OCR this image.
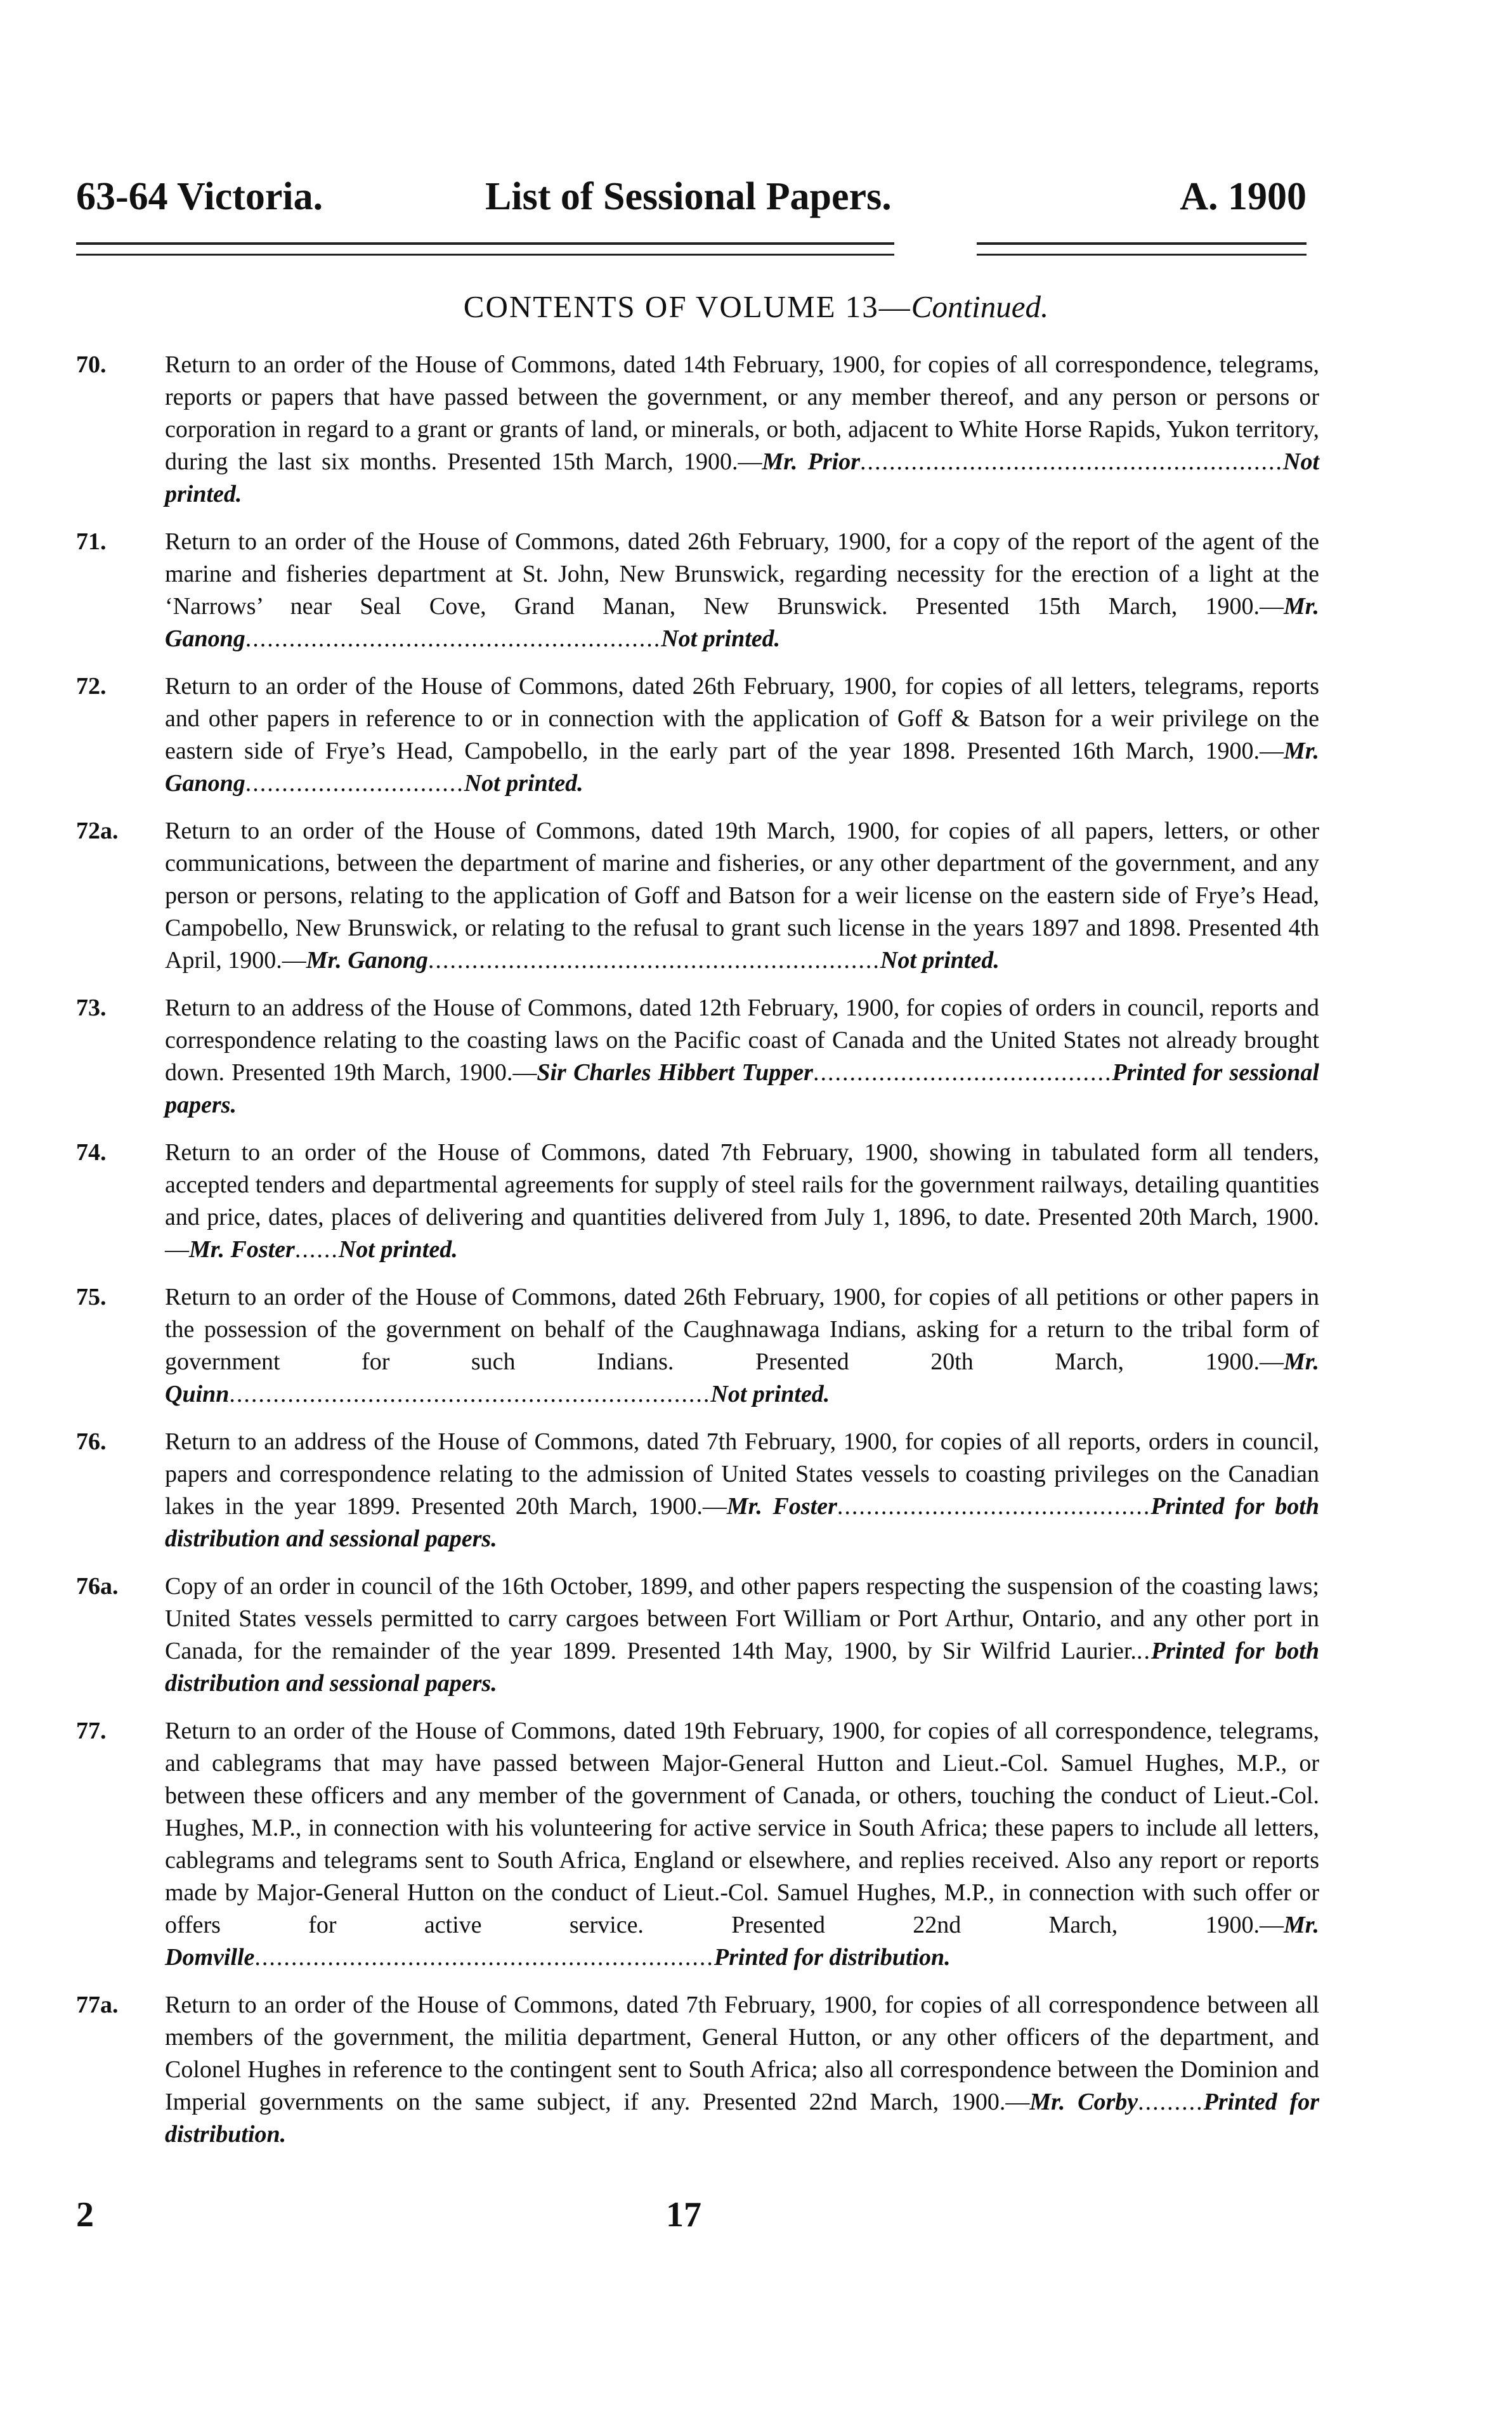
63-64 Victoria.	List of Sessional Papers.	A. 1900
CONTENTS OF VOLUME 13—Continued.
70.	Return to an order of the House of Commons, dated 14th February, 1900, for copies of all correspondence, telegrams, reports or papers that have passed between the government, or any member thereof, and any person or persons or corporation in regard to a grant or grants of land, or minerals, or both, adjacent to White Horse Rapids, Yukon territory, during the last six months. Presented 15th March, 1900.—Mr. Prior..........................................................Not printed.
71.	Return to an order of the House of Commons, dated 26th February, 1900, for a copy of the report of the agent of the marine and fisheries department at St. John, New Brunswick, regarding necessity for the erection of a light at the ‘Narrows’ near Seal Cove, Grand Manan, New Brunswick. Presented 15th March, 1900.—Mr. Ganong.........................................................Not printed.
72.	Return to an order of the House of Commons, dated 26th February, 1900, for copies of all letters, telegrams, reports and other papers in reference to or in connection with the application of Goff & Batson for a weir privilege on the eastern side of Frye’s Head, Campobello, in the early part of the year 1898. Presented 16th March, 1900.—Mr. Ganong..............................Not printed.
72a.	Return to an order of the House of Commons, dated 19th March, 1900, for copies of all papers, letters, or other communications, between the department of marine and fisheries, or any other department of the government, and any person or persons, relating to the application of Goff and Batson for a weir license on the eastern side of Frye’s Head, Campobello, New Brunswick, or relating to the refusal to grant such license in the years 1897 and 1898. Presented 4th April, 1900.—Mr. Ganong..............................................................Not printed.
73.	Return to an address of the House of Commons, dated 12th February, 1900, for copies of orders in council, reports and correspondence relating to the coasting laws on the Pacific coast of Canada and the United States not already brought down. Presented 19th March, 1900.—Sir Charles Hibbert Tupper.........................................Printed for sessional papers.
74.	Return to an order of the House of Commons, dated 7th February, 1900, showing in tabulated form all tenders, accepted tenders and departmental agreements for supply of steel rails for the government railways, detailing quantities and price, dates, places of delivering and quantities delivered from July 1, 1896, to date. Presented 20th March, 1900.—Mr. Foster......Not printed.
75.	Return to an order of the House of Commons, dated 26th February, 1900, for copies of all petitions or other papers in the possession of the government on behalf of the Caughnawaga Indians, asking for a return to the tribal form of government for such Indians. Presented 20th March, 1900.—Mr. Quinn..................................................................Not printed.
76.	Return to an address of the House of Commons, dated 7th February, 1900, for copies of all reports, orders in council, papers and correspondence relating to the admission of United States vessels to coasting privileges on the Canadian lakes in the year 1899. Presented 20th March, 1900.—Mr. Foster...........................................Printed for both distribution and sessional papers.
76a.	Copy of an order in council of the 16th October, 1899, and other papers respecting the suspension of the coasting laws; United States vessels permitted to carry cargoes between Fort William or Port Arthur, Ontario, and any other port in Canada, for the remainder of the year 1899. Presented 14th May, 1900, by Sir Wilfrid Laurier...Printed for both distribution and sessional papers.
77.	Return to an order of the House of Commons, dated 19th February, 1900, for copies of all correspondence, telegrams, and cablegrams that may have passed between Major-General Hutton and Lieut.-Col. Samuel Hughes, M.P., or between these officers and any member of the government of Canada, or others, touching the conduct of Lieut.-Col. Hughes, M.P., in connection with his volunteering for active service in South Africa; these papers to include all letters, cablegrams and telegrams sent to South Africa, England or elsewhere, and replies received. Also any report or reports made by Major-General Hutton on the conduct of Lieut.-Col. Samuel Hughes, M.P., in connection with such offer or offers for active service. Presented 22nd March, 1900.—Mr. Domville...............................................................Printed for distribution.
77a.	Return to an order of the House of Commons, dated 7th February, 1900, for copies of all correspondence between all members of the government, the militia department, General Hutton, or any other officers of the department, and Colonel Hughes in reference to the contingent sent to South Africa; also all correspondence between the Dominion and Imperial governments on the same subject, if any. Presented 22nd March, 1900.—Mr. Corby.........Printed for distribution.
2	17
